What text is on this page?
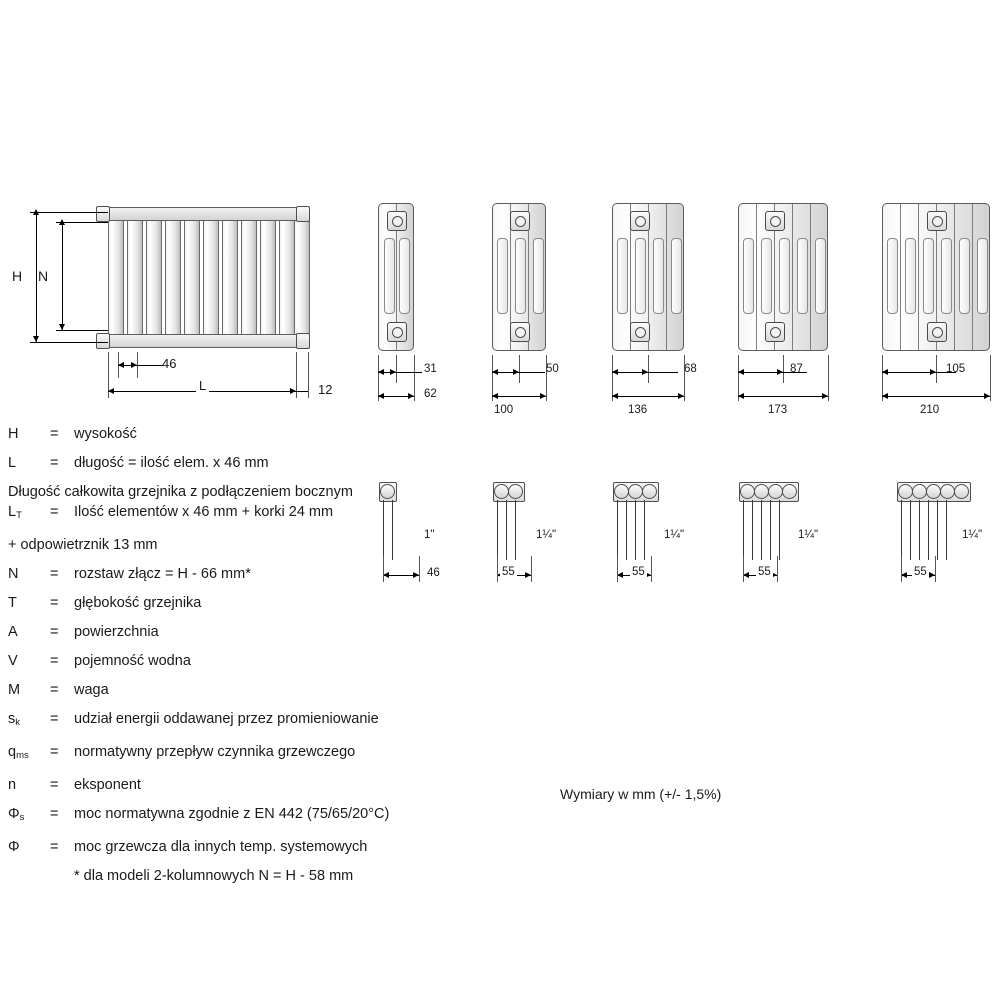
H N
46
L	12
31
62
46
1"
50
100
55
1¼"
68
136
55
1¼"
87
173
55
1¼"
105
210
55
1¼"
H	=	wysokość
L	=	długość = ilość elem. x 46 mm
Długość całkowita grzejnika z podłączeniem bocznym
$L_T$	=	Ilość elementów x 46 mm + korki 24 mm
+ odpowietrznik 13 mm
N	=	rozstaw złącz = H - 66 mm*
T	=	głębokość grzejnika
A	=	powierzchnia
V	=	pojemność wodna
M	=	waga
$s_k$	=	udział energii oddawanej przez promieniowanie
$q_{ms}$	=	normatywny przepływ czynnika grzewczego
n	=	eksponent
$\Phi_s$	=	moc normatywna zgodnie z EN 442 (75/65/20°C)
Φ	=	moc grzewcza dla innych temp. systemowych
* dla modeli 2-kolumnowych N = H - 58 mm
Wymiary w mm (+/- 1,5%)
